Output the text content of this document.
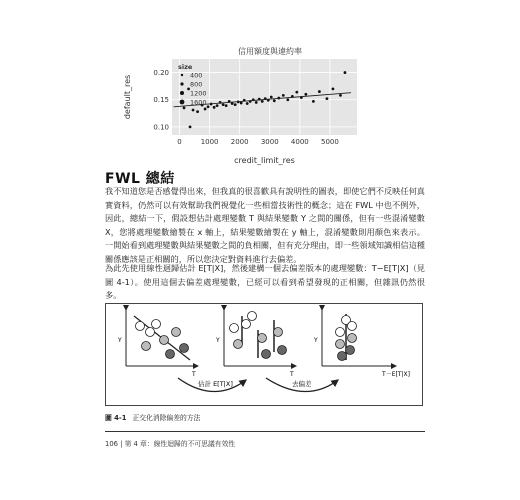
信用額度與違約率
0.10
0.15
0.20
0	1000 2000 3000 4000 5000
size
400
800
1200
1600
default_res
credit_limit_res
FWL 總結
我不知道您是否感覺得出來，但我真的很喜歡具有說明性的圖表，即使它們不反映任何真實資料，仍然可以有效幫助我們視覺化一些相當技術性的概念；這在 FWL 中也不例外，因此，總結一下，假設想估計處理變數 T 與結果變數 Y 之間的關係，但有一些混淆變數 X，您將處理變數繪製在 x 軸上，結果變數繪製在 y 軸上，混淆變數則用顏色來表示。一開始看到處理變數與結果變數之間的負相關，但有充分理由，即一些領域知識相信這種關係應該是正相關的，所以您決定對資料進行去偏差。
為此先使用線性迴歸估計 E[T|X]，然後建構一個去偏差版本的處理變數：T−E[T|X]（見圖 4-1）。使用這個去偏差處理變數，已經可以看到希望發現的正相關，但雜訊仍然很多。
Y
T
Y
T
Y
T－E[T|X]
估計 E[T|X]	去偏差
圖 4-1 正交化消除偏差的方法
106 | 第 4 章：線性迴歸的不可思議有效性
